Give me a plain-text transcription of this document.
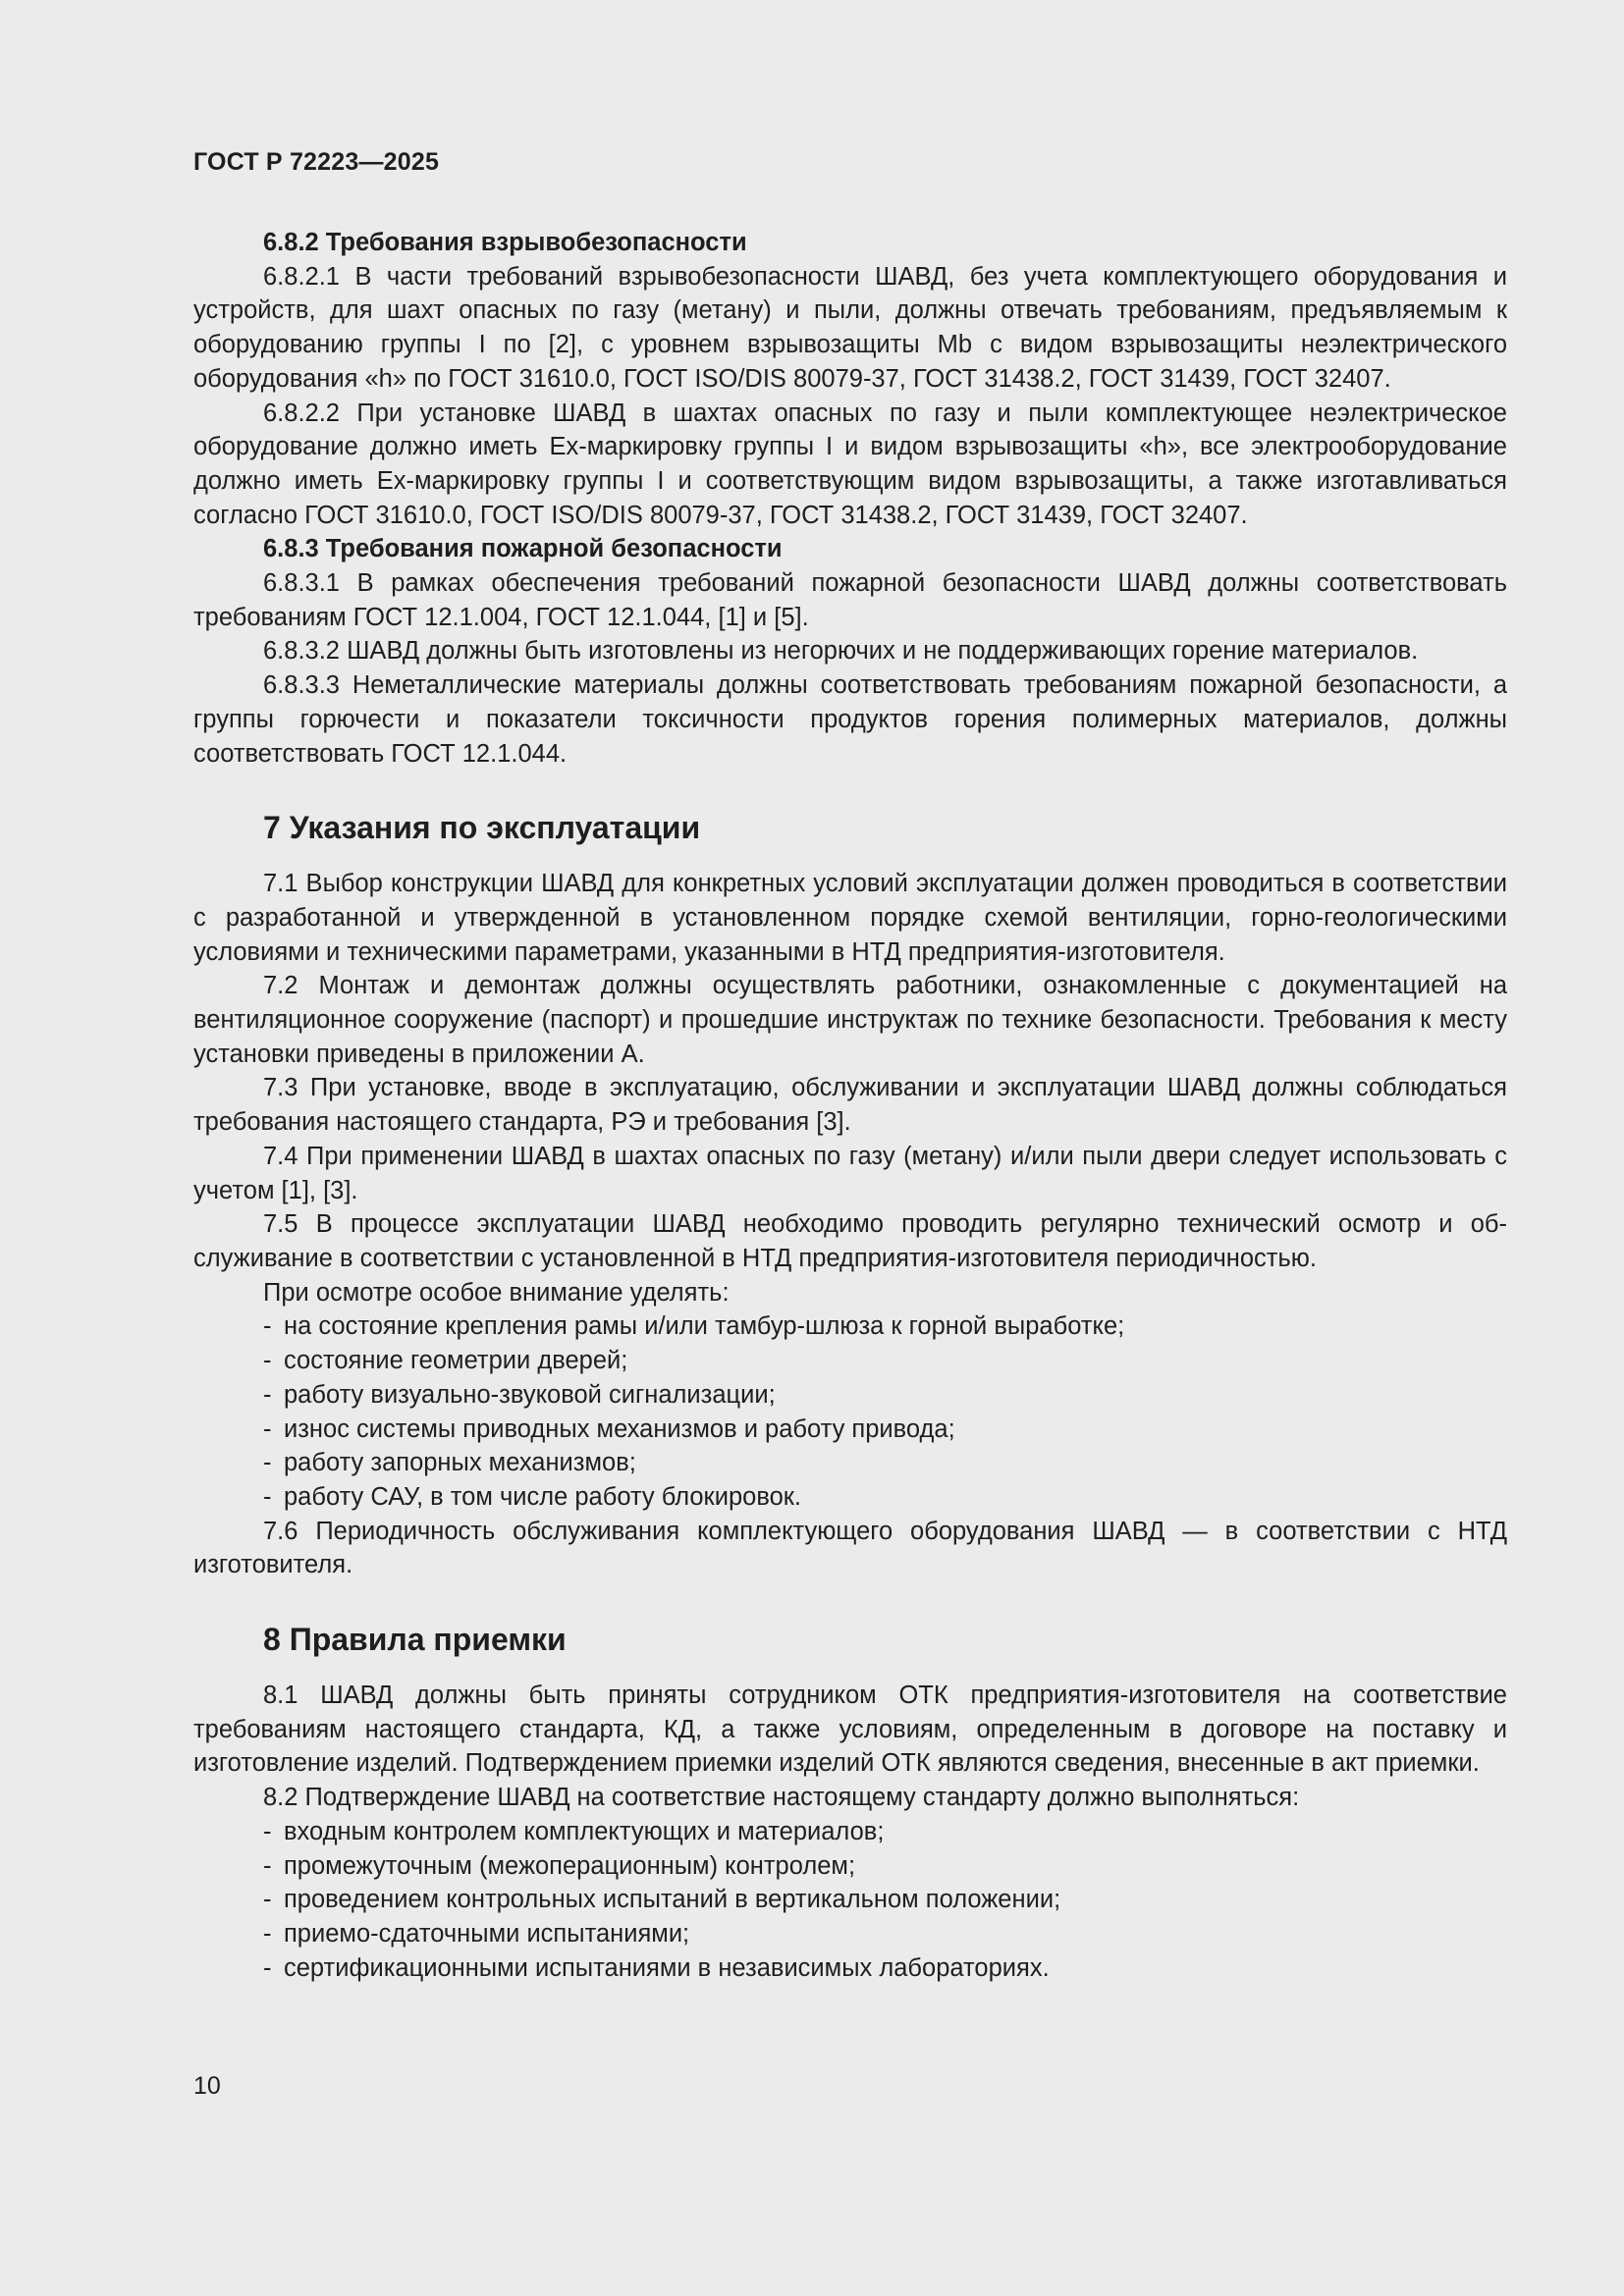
ГОСТ Р 72223—2025

6.8.2 Требования взрывобезопасности

6.8.2.1 В части требований взрывобезопасности ШАВД, без учета комплектующего оборудования и устройств, для шахт опасных по газу (метану) и пыли, должны отвечать требованиям, предъявляемым к оборудованию группы I по [2], с уровнем взрывозащиты Mb с видом взрывозащиты неэлектрического оборудования «h» по ГОСТ 31610.0, ГОСТ ISO/DIS 80079-37, ГОСТ 31438.2, ГОСТ 31439, ГОСТ 32407.

6.8.2.2 При установке ШАВД в шахтах опасных по газу и пыли комплектующее неэлектрическое оборудование должно иметь Ex-маркировку группы I и видом взрывозащиты «h», все электрооборудование должно иметь Ex-маркировку группы I и соответствующим видом взрывозащиты, а также изготавливаться согласно ГОСТ 31610.0, ГОСТ ISO/DIS 80079-37, ГОСТ 31438.2, ГОСТ 31439, ГОСТ 32407.

6.8.3 Требования пожарной безопасности

6.8.3.1 В рамках обеспечения требований пожарной безопасности ШАВД должны соответствовать требованиям ГОСТ 12.1.004, ГОСТ 12.1.044, [1] и [5].

6.8.3.2 ШАВД должны быть изготовлены из негорючих и не поддерживающих горение материалов.

6.8.3.3 Неметаллические материалы должны соответствовать требованиям пожарной безопасности, а группы горючести и показатели токсичности продуктов горения полимерных материалов, должны соответствовать ГОСТ 12.1.044.

7 Указания по эксплуатации

7.1 Выбор конструкции ШАВД для конкретных условий эксплуатации должен проводиться в соответствии с разработанной и утвержденной в установленном порядке схемой вентиляции, горно-геологическими условиями и техническими параметрами, указанными в НТД предприятия-изготовителя.

7.2 Монтаж и демонтаж должны осуществлять работники, ознакомленные с документацией на вентиляционное сооружение (паспорт) и прошедшие инструктаж по технике безопасности. Требования к месту установки приведены в приложении А.

7.3 При установке, вводе в эксплуатацию, обслуживании и эксплуатации ШАВД должны соблюдаться требования настоящего стандарта, РЭ и требования [3].

7.4 При применении ШАВД в шахтах опасных по газу (метану) и/или пыли двери следует использовать с учетом [1], [3].

7.5 В процессе эксплуатации ШАВД необходимо проводить регулярно технический осмотр и обслуживание в соответствии с установленной в НТД предприятия-изготовителя периодичностью.

При осмотре особое внимание уделять:

- на состояние крепления рамы и/или тамбур-шлюза к горной выработке;

- состояние геометрии дверей;

- работу визуально-звуковой сигнализации;

- износ системы приводных механизмов и работу привода;

- работу запорных механизмов;

- работу САУ, в том числе работу блокировок.

7.6 Периодичность обслуживания комплектующего оборудования ШАВД — в соответствии с НТД изготовителя.

8 Правила приемки

8.1 ШАВД должны быть приняты сотрудником ОТК предприятия-изготовителя на соответствие требованиям настоящего стандарта, КД, а также условиям, определенным в договоре на поставку и изготовление изделий. Подтверждением приемки изделий ОТК являются сведения, внесенные в акт приемки.

8.2 Подтверждение ШАВД на соответствие настоящему стандарту должно выполняться:

- входным контролем комплектующих и материалов;

- промежуточным (межоперационным) контролем;

- проведением контрольных испытаний в вертикальном положении;

- приемо-сдаточными испытаниями;

- сертификационными испытаниями в независимых лабораториях.

10
